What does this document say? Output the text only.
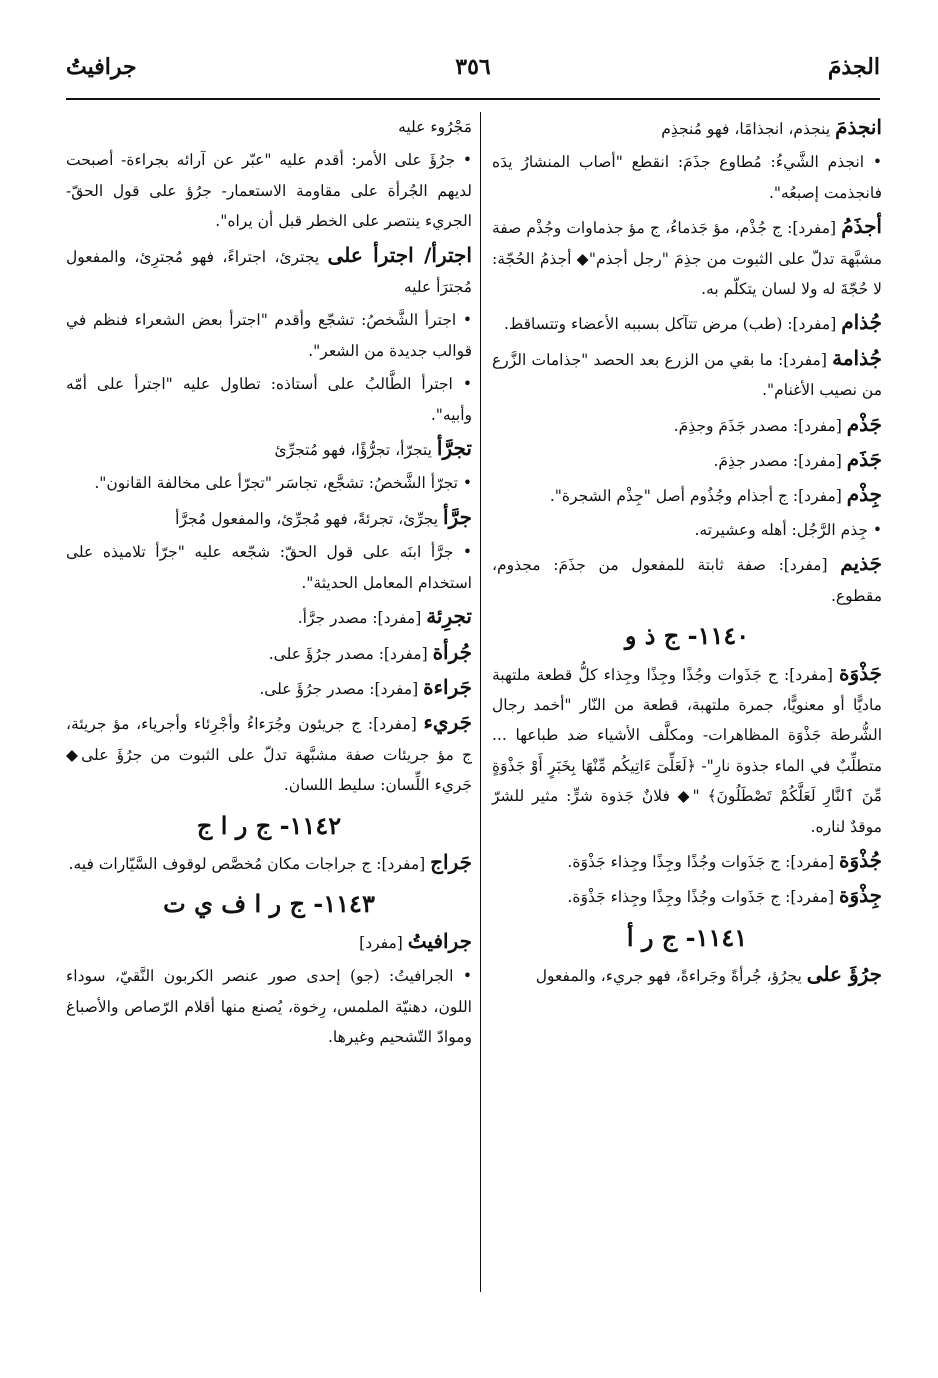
الجذمَ
٣٥٦
جرافيتُ
انجذمَ ينجذم، انجذامًا، فهو مُنجذِم
• انجذم الشَّيءُ: مُطاوع جذَمَ: انقطع "أصاب المنشارُ يدَه فانجذمت إصبعُه".
أجذَمُ [مفرد]: ج جُذْم، مؤ جَذماءُ، ج مؤ جذماوات وجُذْم صفة مشبَّهة تدلّ على الثبوت من جذِمَ "رجل أجذم"◆ أجذمُ الحُجّة: لا حُجّةَ له ولا لسان يتكلّم به.
جُذام [مفرد]: (طب) مرض تتآكل بسببه الأعضاء وتتساقط.
جُذامة [مفرد]: ما بقي من الزرع بعد الحصد "جذامات الزَّرع من نصيب الأغنام".
جَذْم [مفرد]: مصدر جَذَمَ وجذِمَ.
جَذَم [مفرد]: مصدر جذِمَ.
جِذْم [مفرد]: ج أجذام وجُذُوم أصل "جِذْم الشجرة".
• جِذم الرَّجُل: أهله وعشيرته.
جَذيم [مفرد]: صفة ثابتة للمفعول من جذَمَ: مجذوم، مقطوع.
١١٤٠- ج ذ و
جَذْوَة [مفرد]: ج جَذَوات وجُذًا وجِذًا وجِذاء كلُّ قطعة ملتهبة ماديًّا أو معنويًّا، جمرة ملتهبة، قطعة من النّار "أخمد رجال الشُّرطة جَذْوَة المظاهرات- ومكلَّف الأشياء ضد طباعها ... متطلِّبٌ في الماء جذوة نارِ"- ﴿لَعَلِّىٓ ءَاتِيكُم مِّنْهَا بِخَبَرٍ أَوْ جَذْوَةٍ مِّنَ ٱلنَّارِ لَعَلَّكُمْ تَصْطَلُونَ﴾ "◆ فلانٌ جَذوة شرٍّ: مثير للشرّ موقدٌ لناره.
جُذْوَة [مفرد]: ج جَذَوات وجُذًا وجِذًا وجِذاء جَذْوَة.
جِذْوَة [مفرد]: ج جَذَوات وجُذًا وجِذًا وجِذاء جَذْوَة.
١١٤١- ج ر أ
جرُؤَ على يجرُؤ، جُرأةً وجَراءةً، فهو جريء، والمفعول
مَجْرُوء عليه
• جرُؤَ على الأمر: أقدم عليه "عبّر عن آرائه بجراءة- أصبحت لديهم الجُرأة على مقاومة الاستعمار- جرُؤ على قول الحقّ- الجريء ينتصر على الخطر قبل أن يراه".
اجترأ/ اجترأ على يجترئ، اجتراءً، فهو مُجترِئ، والمفعول مُجترَأ عليه
• اجترأ الشَّخصُ: تشجّع وأقدم "اجترأ بعض الشعراء فنظم في قوالب جديدة من الشعر".
• اجترأ الطَّالبُ على أستاذه: تطاول عليه "اجترأ على أمّه وأبيه".
تجرَّأ يتجرّأ، تجرُّؤًا، فهو مُتجرِّئ
• تجرّأ الشَّخصُ: تشجَّع، تجاسَر "تجرّأ على مخالفة القانون".
جرَّأ يجرِّئ، تجرئةً، فهو مُجرِّئ، والمفعول مُجرَّأ
• جرَّأ ابنَه على قول الحقّ: شجّعه عليه "جرّأ تلاميذه على استخدام المعامل الحديثة".
تجرِئة [مفرد]: مصدر جرَّأ.
جُرأة [مفرد]: مصدر جرُؤَ على.
جَراءة [مفرد]: مصدر جرُؤَ على.
جَريء [مفرد]: ج جريئون وجُرَءاءُ وأجْرِئاء وأجرياء، مؤ جريئة، ج مؤ جريئات صفة مشبَّهة تدلّ على الثبوت من جرُؤَ على◆ جَريء اللِّسان: سليط اللسان.
١١٤٢- ج ر ا ج
جَراج [مفرد]: ج جراجات مكان مُخصَّص لوقوف السَّيّارات فيه.
١١٤٣- ج ر ا ف ي ت
جرافيتُ [مفرد]
• الجرافيتُ: (جو) إحدى صور عنصر الكربون النَّقيّ، سوداء اللون، دهنيّة الملمس، رِخوة، يُصنع منها أقلام الرّصاص والأصباغ وموادّ التّشحيم وغيرها.
